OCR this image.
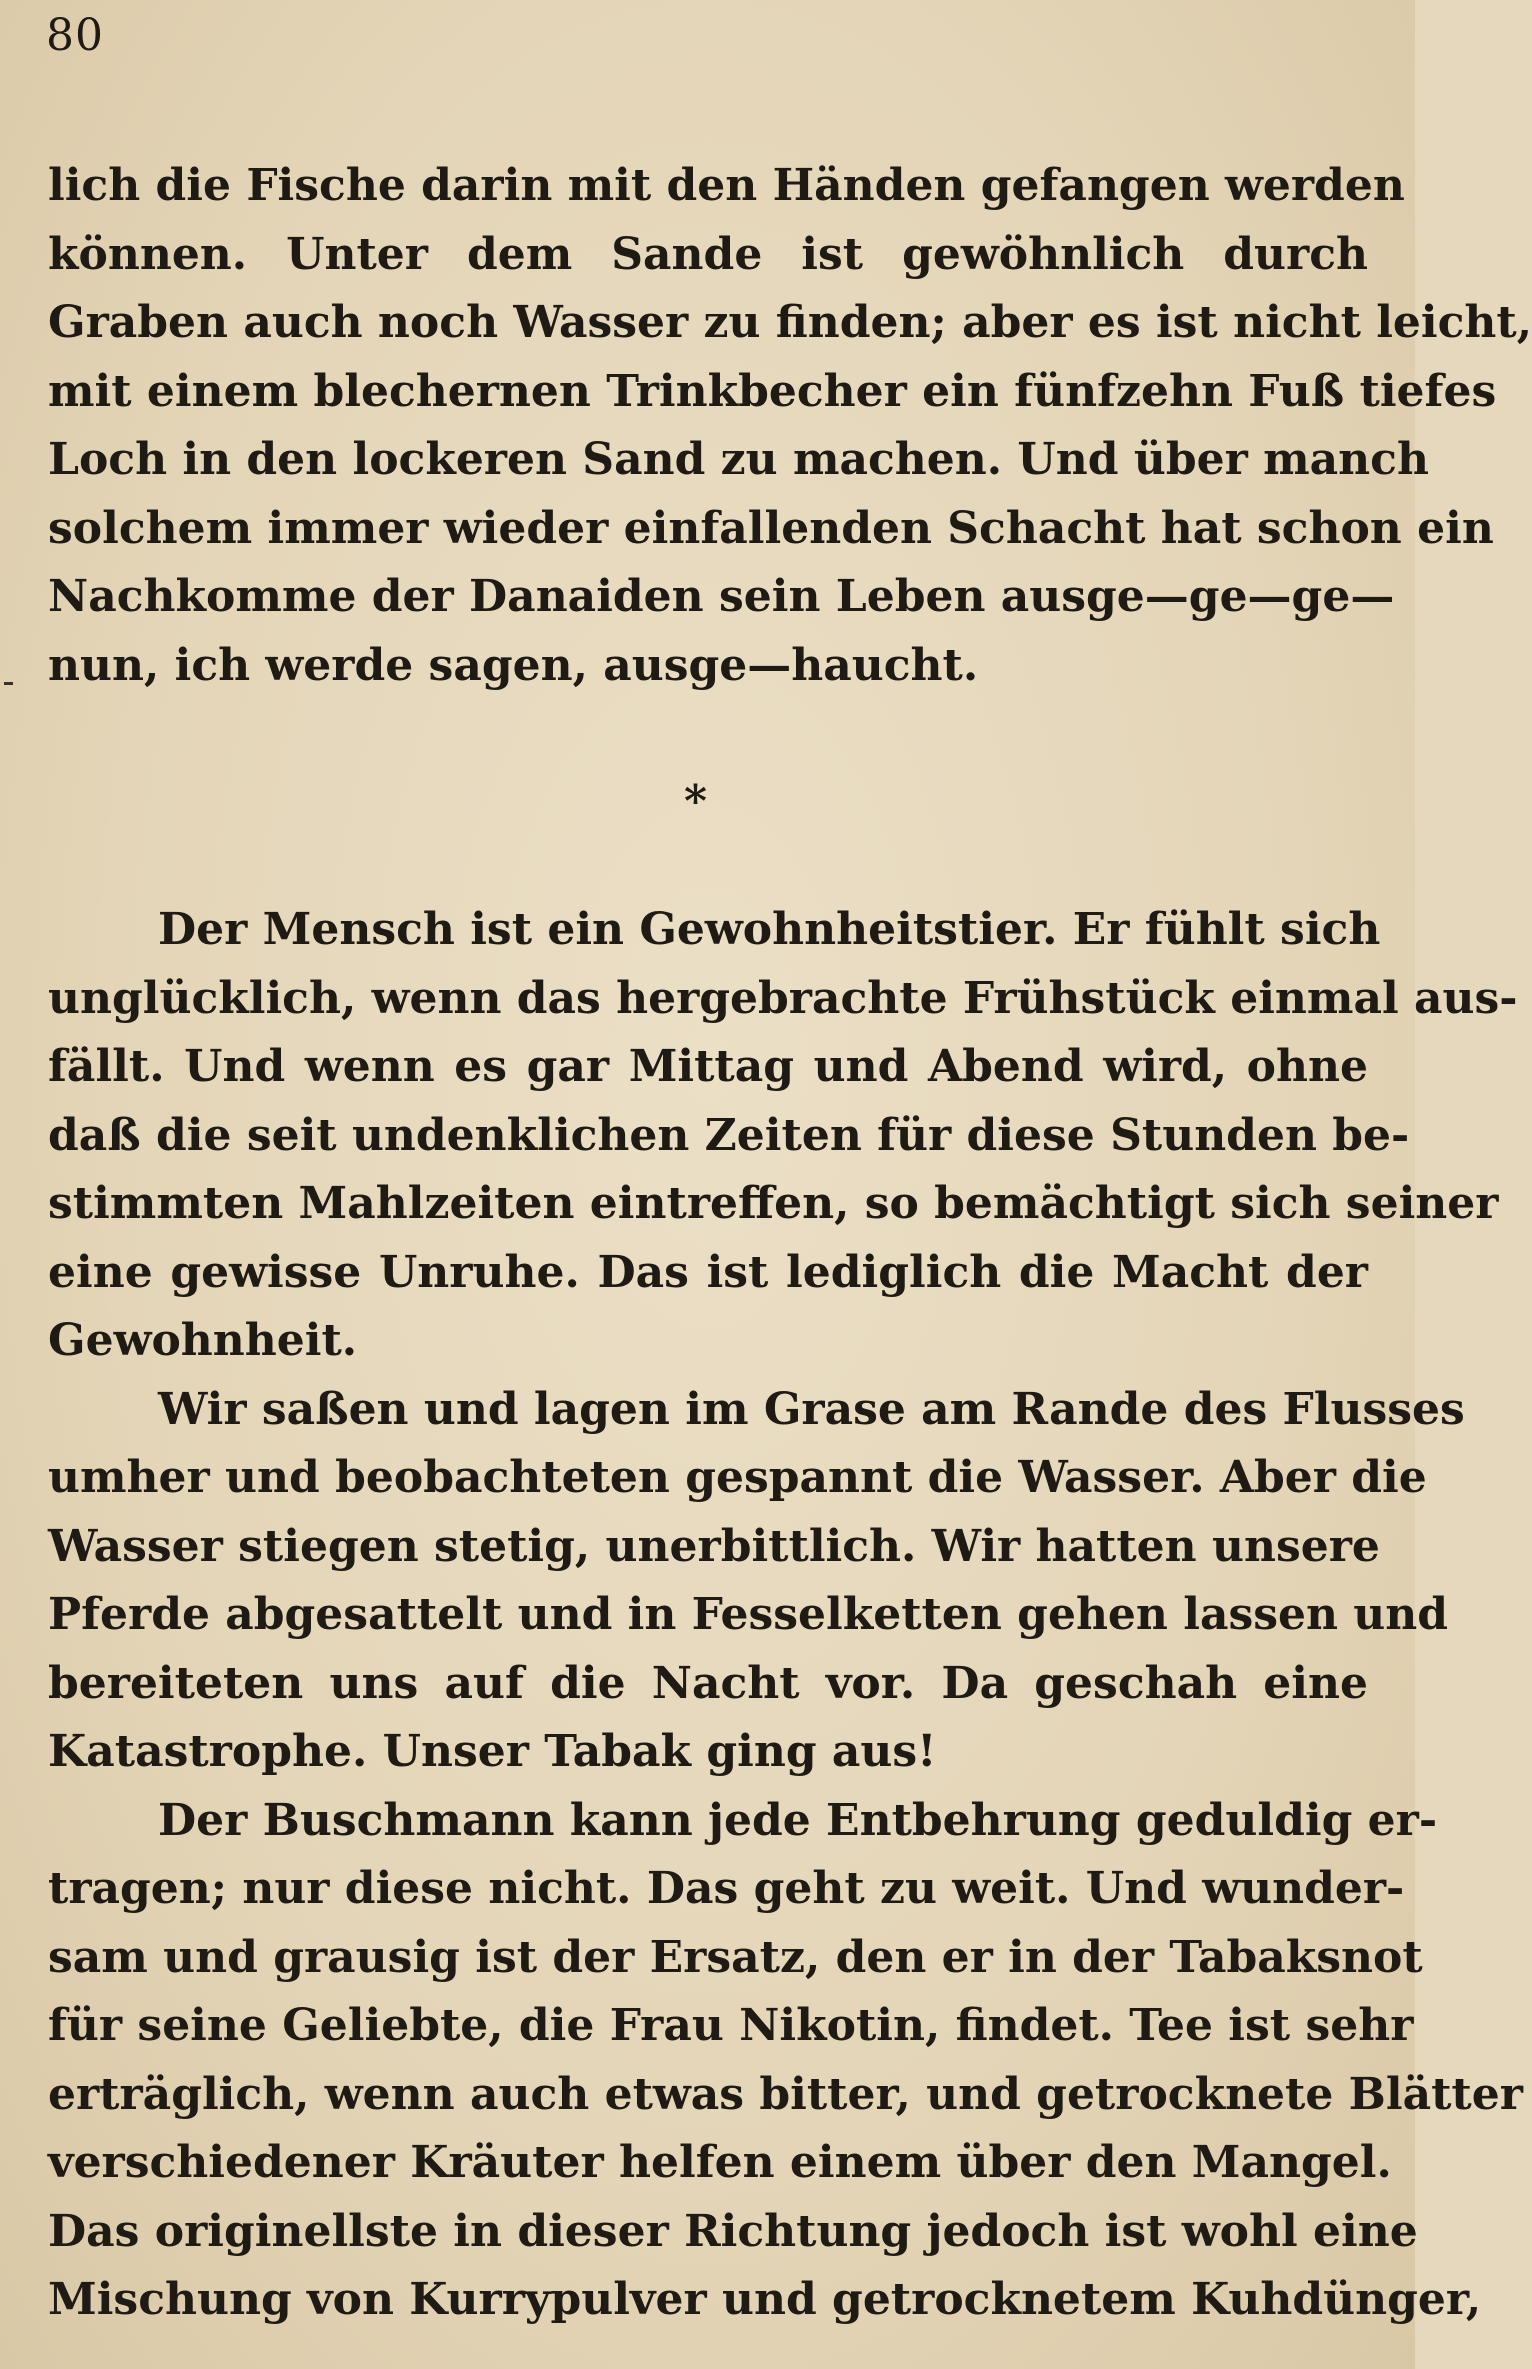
80
lich die Fische darin mit den Händen gefangen werden
können. Unter dem Sande ist gewöhnlich durch
Graben auch noch Wasser zu finden; aber es ist nicht leicht,
mit einem blechernen Trinkbecher ein fünfzehn Fuß tiefes
Loch in den lockeren Sand zu machen. Und über manch
solchem immer wieder einfallenden Schacht hat schon ein
Nachkomme der Danaiden sein Leben ausge—ge—ge—
nun, ich werde sagen, ausge—haucht.
*
Der Mensch ist ein Gewohnheitstier. Er fühlt sich
unglücklich, wenn das hergebrachte Frühstück einmal aus-
fällt. Und wenn es gar Mittag und Abend wird, ohne
daß die seit undenklichen Zeiten für diese Stunden be-
stimmten Mahlzeiten eintreffen, so bemächtigt sich seiner
eine gewisse Unruhe. Das ist lediglich die Macht der
Gewohnheit.
Wir saßen und lagen im Grase am Rande des Flusses
umher und beobachteten gespannt die Wasser. Aber die
Wasser stiegen stetig, unerbittlich. Wir hatten unsere
Pferde abgesattelt und in Fesselketten gehen lassen und
bereiteten uns auf die Nacht vor. Da geschah eine
Katastrophe. Unser Tabak ging aus!
Der Buschmann kann jede Entbehrung geduldig er-
tragen; nur diese nicht. Das geht zu weit. Und wunder-
sam und grausig ist der Ersatz, den er in der Tabaksnot
für seine Geliebte, die Frau Nikotin, findet. Tee ist sehr
erträglich, wenn auch etwas bitter, und getrocknete Blätter
verschiedener Kräuter helfen einem über den Mangel.
Das originellste in dieser Richtung jedoch ist wohl eine
Mischung von Kurrypulver und getrocknetem Kuhdünger,
